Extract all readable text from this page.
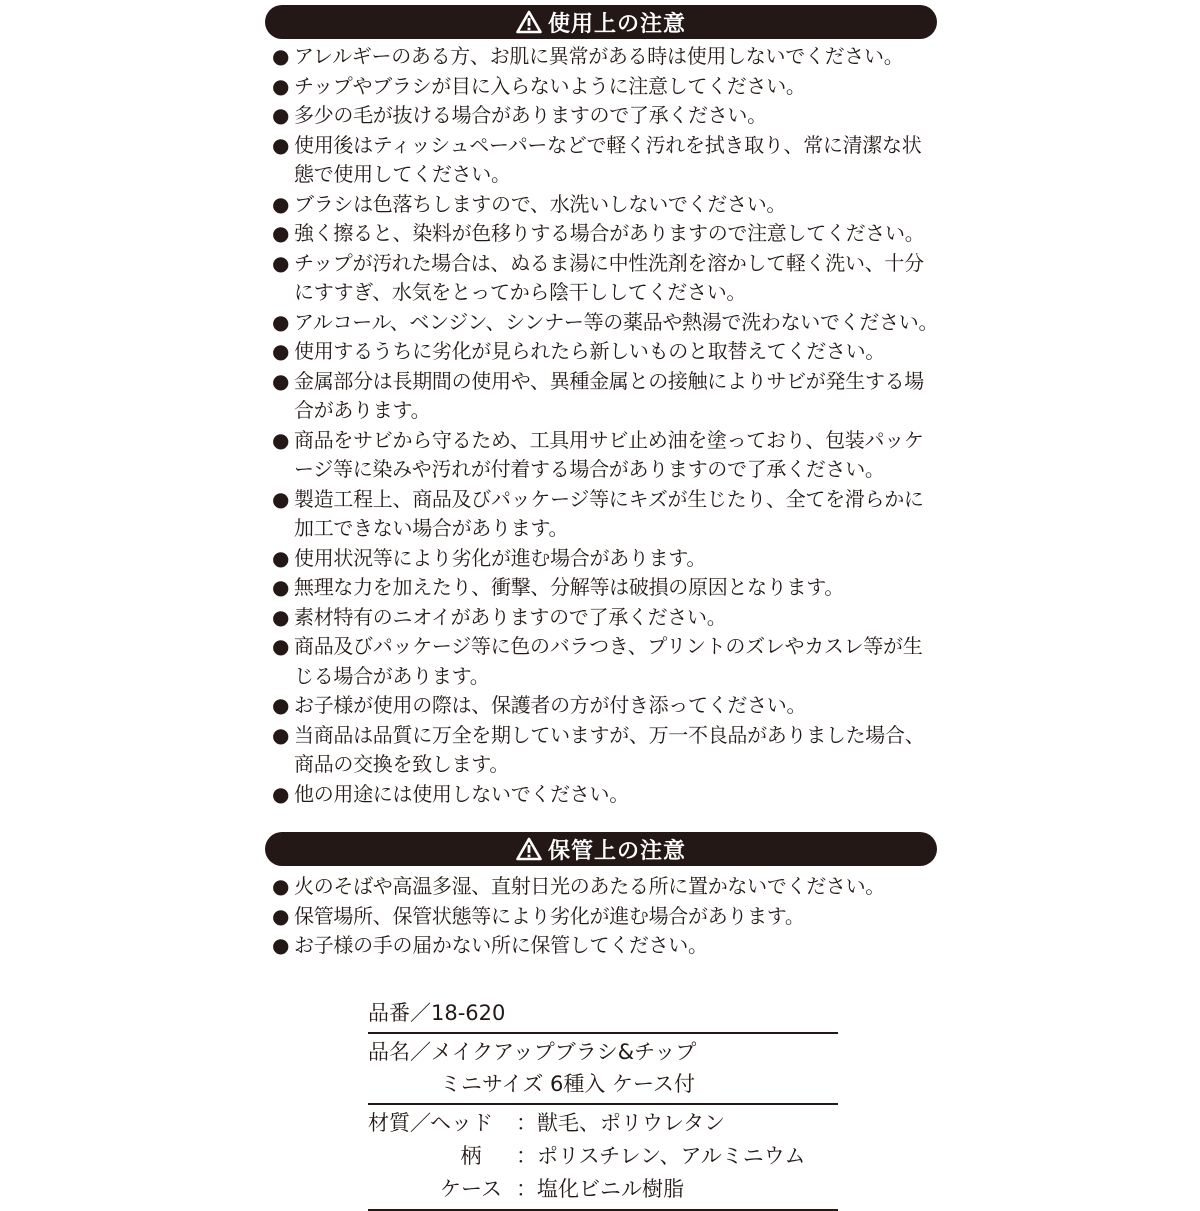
使用上の注意
● アレルギーのある方、お肌に異常がある時は使用しないでください。
● チップやブラシが目に入らないように注意してください。
● 多少の毛が抜ける場合がありますので了承ください。
● 使用後はティッシュペーパーなどで軽く汚れを拭き取り、常に清潔な状態で使用してください。
● ブラシは色落ちしますので、水洗いしないでください。
● 強く擦ると、染料が色移りする場合がありますので注意してください。
● チップが汚れた場合は、ぬるま湯に中性洗剤を溶かして軽く洗い、十分にすすぎ、水気をとってから陰干ししてください。
● アルコール、ベンジン、シンナー等の薬品や熱湯で洗わないでください。
● 使用するうちに劣化が見られたら新しいものと取替えてください。
● 金属部分は長期間の使用や、異種金属との接触によりサビが発生する場合があります。
● 商品をサビから守るため、工具用サビ止め油を塗っており、包装パッケージ等に染みや汚れが付着する場合がありますので了承ください。
● 製造工程上、商品及びパッケージ等にキズが生じたり、全てを滑らかに加工できない場合があります。
● 使用状況等により劣化が進む場合があります。
● 無理な力を加えたり、衝撃、分解等は破損の原因となります。
● 素材特有のニオイがありますので了承ください。
● 商品及びパッケージ等に色のバラつき、プリントのズレやカスレ等が生じる場合があります。
● お子様が使用の際は、保護者の方が付き添ってください。
● 当商品は品質に万全を期していますが、万一不良品がありました場合、商品の交換を致します。
● 他の用途には使用しないでください。
保管上の注意
● 火のそばや高温多湿、直射日光のあたる所に置かないでください。
● 保管場所、保管状態等により劣化が進む場合があります。
● お子様の手の届かない所に保管してください。
品番／ 18-620
品名／ メイクアップブラシ&チップ
ミニサイズ 6種入 ケース付
材質／ ヘッド	：獣毛、ポリウレタン
柄	：ポリスチレン、アルミニウム
ケース ：塩化ビニル樹脂
